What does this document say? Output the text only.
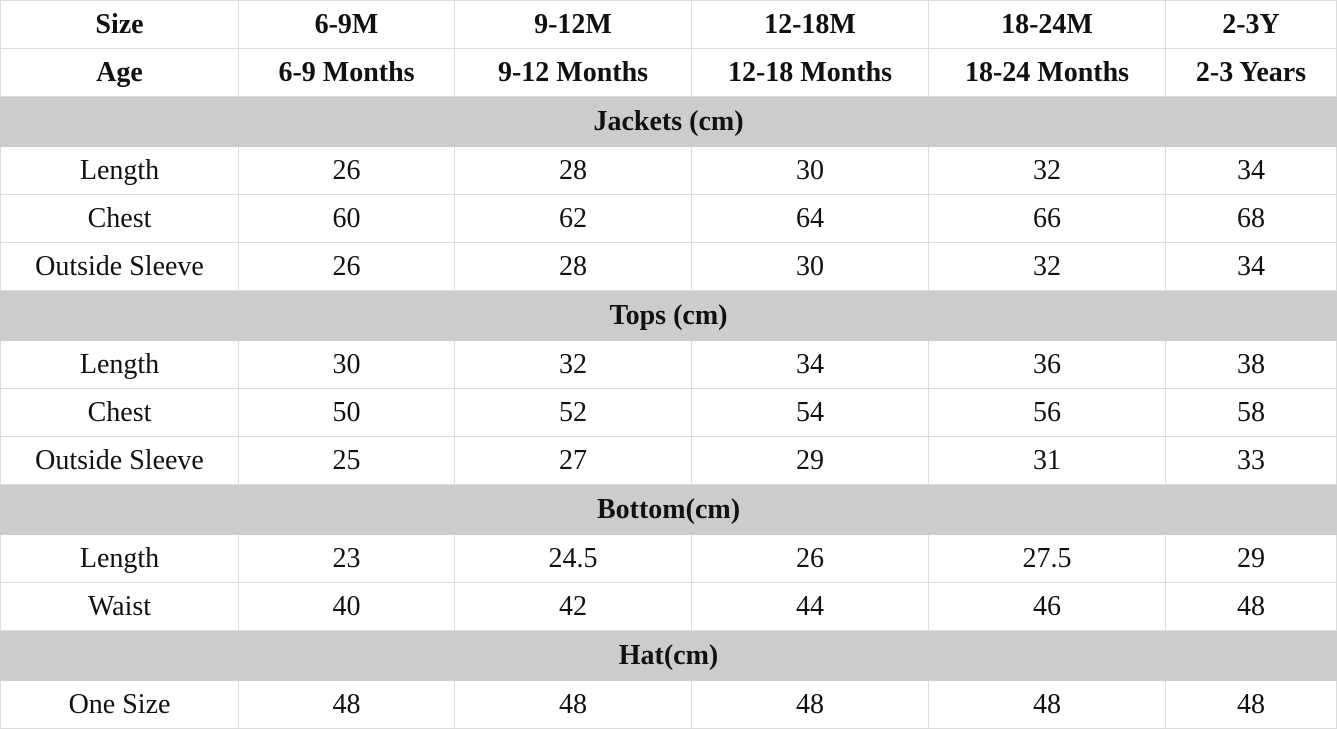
Size	6-9M	9-12M	12-18M	18-24M	2-3Y
Age	6-9 Months	9-12 Months	12-18 Months	18-24 Months	2-3 Years
Jackets (cm)					
Length	26	28	30	32	34
Chest	60	62	64	66	68
Outside Sleeve	26	28	30	32	34
Tops (cm)					
Length	30	32	34	36	38
Chest	50	52	54	56	58
Outside Sleeve	25	27	29	31	33
Bottom(cm)					
Length	23	24.5	26	27.5	29
Waist	40	42	44	46	48
Hat(cm)					
One Size	48	48	48	48	48
